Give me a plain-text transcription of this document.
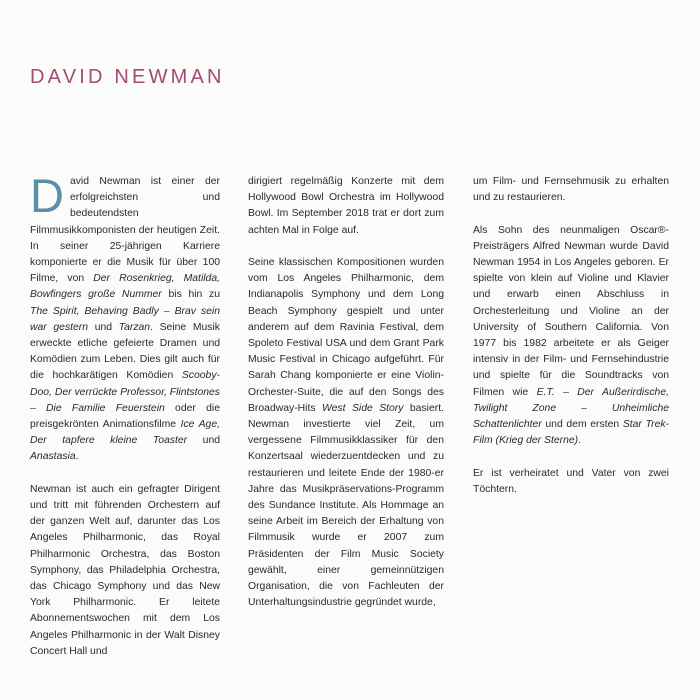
DAVID NEWMAN

David Newman ist einer der erfolgreichsten und bedeutendsten Filmmusikkomponisten der heutigen Zeit. In seiner 25-jährigen Karriere komponierte er die Musik für über 100 Filme, von Der Rosenkrieg, Matilda, Bowfingers große Nummer bis hin zu The Spirit, Behaving Badly – Brav sein war gestern und Tarzan. Seine Musik erweckte etliche gefeierte Dramen und Komödien zum Leben. Dies gilt auch für die hochkarätigen Komödien Scooby-Doo, Der verrückte Professor, Flintstones – Die Familie Feuerstein oder die preisgekrönten Animationsfilme Ice Age, Der tapfere kleine Toaster und Anastasia.

Newman ist auch ein gefragter Dirigent und tritt mit führenden Orchestern auf der ganzen Welt auf, darunter das Los Angeles Philharmonic, das Royal Philharmonic Orchestra, das Boston Symphony, das Philadelphia Orchestra, das Chicago Symphony und das New York Philharmonic. Er leitete Abonnementswochen mit dem Los Angeles Philharmonic in der Walt Disney Concert Hall und

dirigiert regelmäßig Konzerte mit dem Hollywood Bowl Orchestra im Hollywood Bowl. Im September 2018 trat er dort zum achten Mal in Folge auf.

Seine klassischen Kompositionen wurden vom Los Angeles Philharmonic, dem Indianapolis Symphony und dem Long Beach Symphony gespielt und unter anderem auf dem Ravinia Festival, dem Spoleto Festival USA und dem Grant Park Music Festival in Chicago aufgeführt. Für Sarah Chang komponierte er eine Violin-Orchester-Suite, die auf den Songs des Broadway-Hits West Side Story basiert. Newman investierte viel Zeit, um vergessene Filmmusikklassiker für den Konzertsaal wiederzuentdecken und zu restaurieren und leitete Ende der 1980-er Jahre das Musikpräservations-Programm des Sundance Institute. Als Hommage an seine Arbeit im Bereich der Erhaltung von Filmmusik wurde er 2007 zum Präsidenten der Film Music Society gewählt, einer gemeinnützigen Organisation, die von Fachleuten der Unterhaltungsindustrie gegründet wurde,

um Film- und Fernsehmusik zu erhalten und zu restaurieren.

Als Sohn des neunmaligen Oscar®-Preisträgers Alfred Newman wurde David Newman 1954 in Los Angeles geboren. Er spielte von klein auf Violine und Klavier und erwarb einen Abschluss in Orchesterleitung und Violine an der University of Southern California. Von 1977 bis 1982 arbeitete er als Geiger intensiv in der Film- und Fernsehindustrie und spielte für die Soundtracks von Filmen wie E.T. – Der Außerirdische, Twilight Zone – Unheimliche Schattenlichter und dem ersten Star Trek-Film (Krieg der Sterne).

Er ist verheiratet und Vater von zwei Töchtern.
